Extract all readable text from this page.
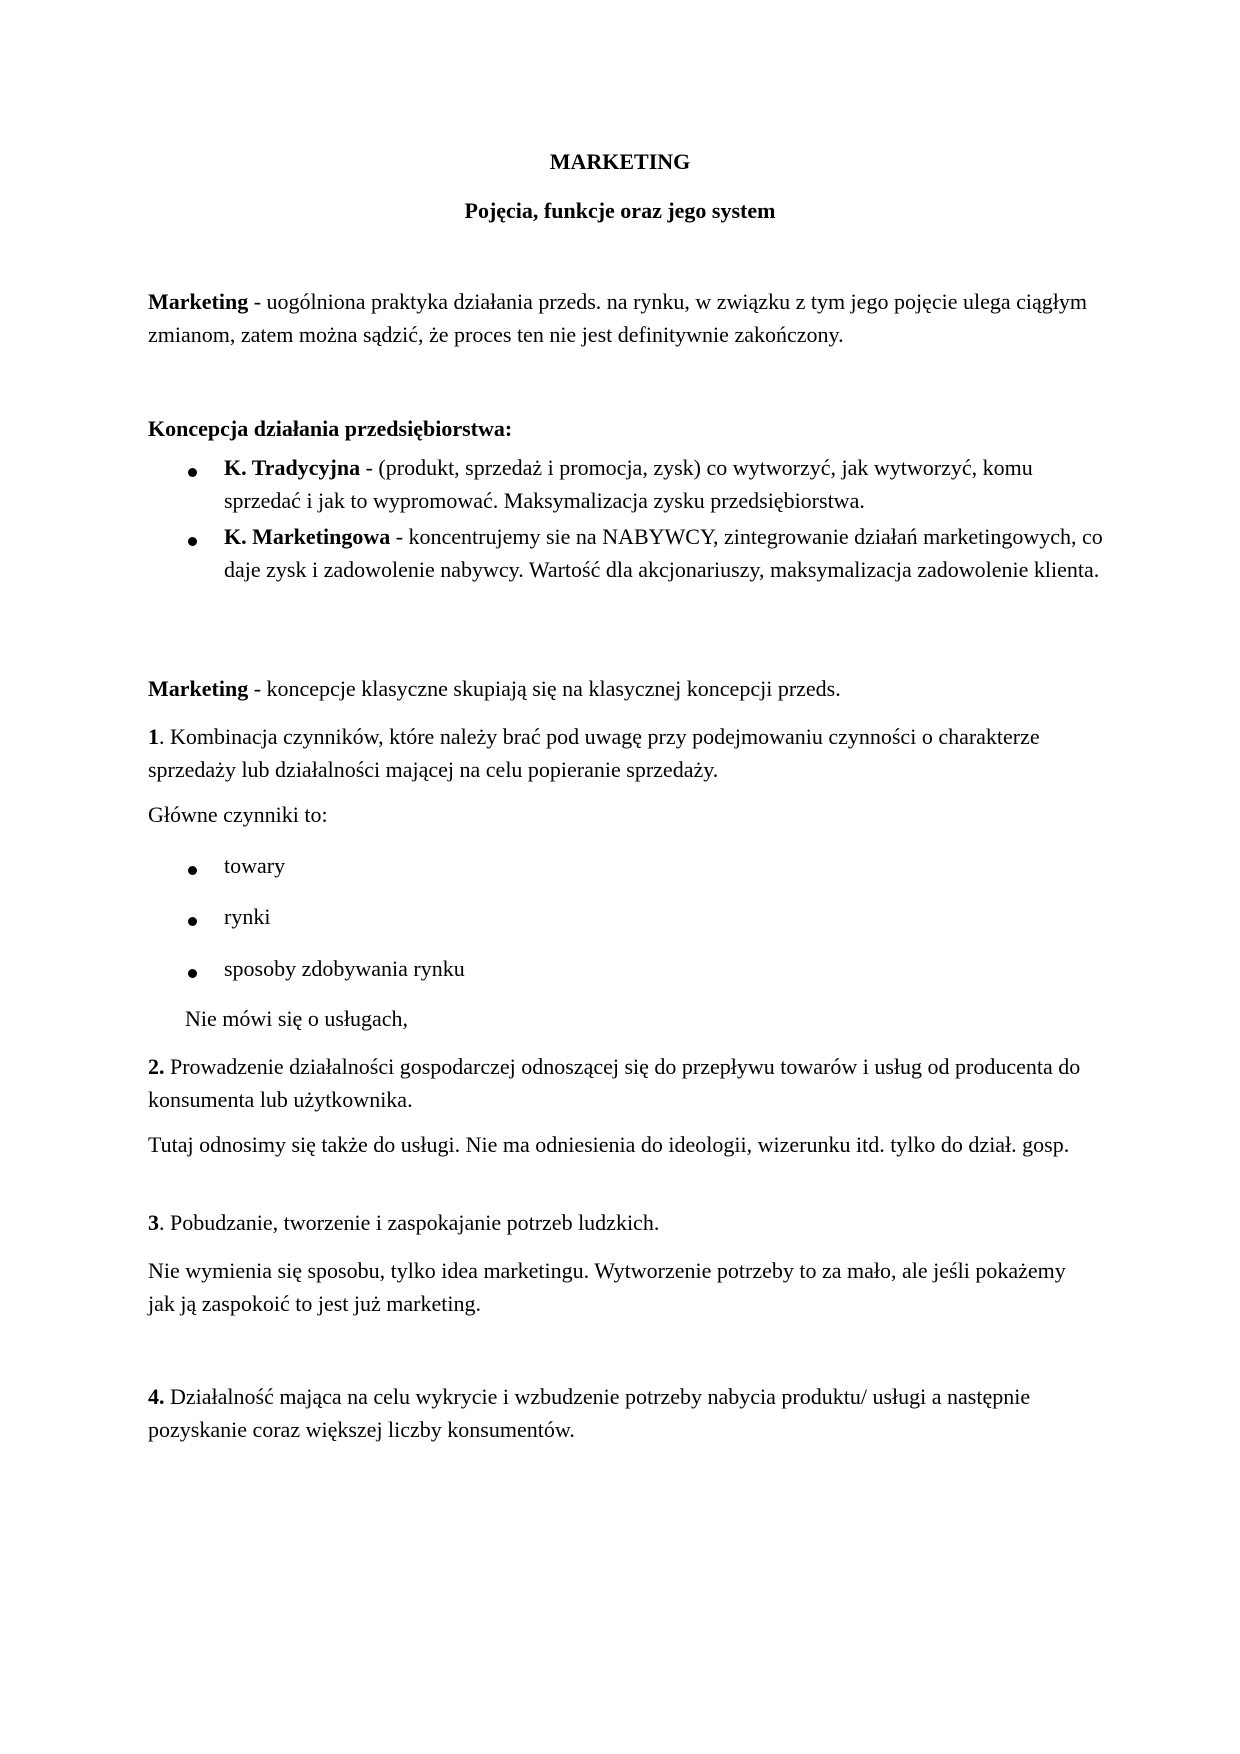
MARKETING

Pojęcia, funkcje oraz jego system

Marketing - uogólniona praktyka działania przeds. na rynku, w związku z tym jego pojęcie ulega ciągłym zmianom, zatem można sądzić, że proces ten nie jest definitywnie zakończony.

Koncepcja działania przedsiębiorstwa:

K. Tradycyjna - (produkt, sprzedaż i promocja, zysk) co wytworzyć, jak wytworzyć, komu sprzedać i jak to wypromować. Maksymalizacja zysku przedsiębiorstwa.

K. Marketingowa - koncentrujemy sie na NABYWCY, zintegrowanie działań marketingowych, co daje zysk i zadowolenie nabywcy. Wartość dla akcjonariuszy, maksymalizacja zadowolenie klienta.

Marketing - koncepcje klasyczne skupiają się na klasycznej koncepcji przeds.

1. Kombinacja czynników, które należy brać pod uwagę przy podejmowaniu czynności o charakterze sprzedaży lub działalności mającej na celu popieranie sprzedaży.

Główne czynniki to:

towary

rynki

sposoby zdobywania rynku

Nie mówi się o usługach,

2. Prowadzenie działalności gospodarczej odnoszącej się do przepływu towarów i usług od producenta do konsumenta lub użytkownika.

Tutaj odnosimy się także do usługi. Nie ma odniesienia do ideologii, wizerunku itd. tylko do dział. gosp.

3. Pobudzanie, tworzenie i zaspokajanie potrzeb ludzkich.

Nie wymienia się sposobu, tylko idea marketingu. Wytworzenie potrzeby to za mało, ale jeśli pokażemy jak ją zaspokoić to jest już marketing.

4. Działalność mająca na celu wykrycie i wzbudzenie potrzeby nabycia produktu/ usługi a następnie pozyskanie coraz większej liczby konsumentów.
